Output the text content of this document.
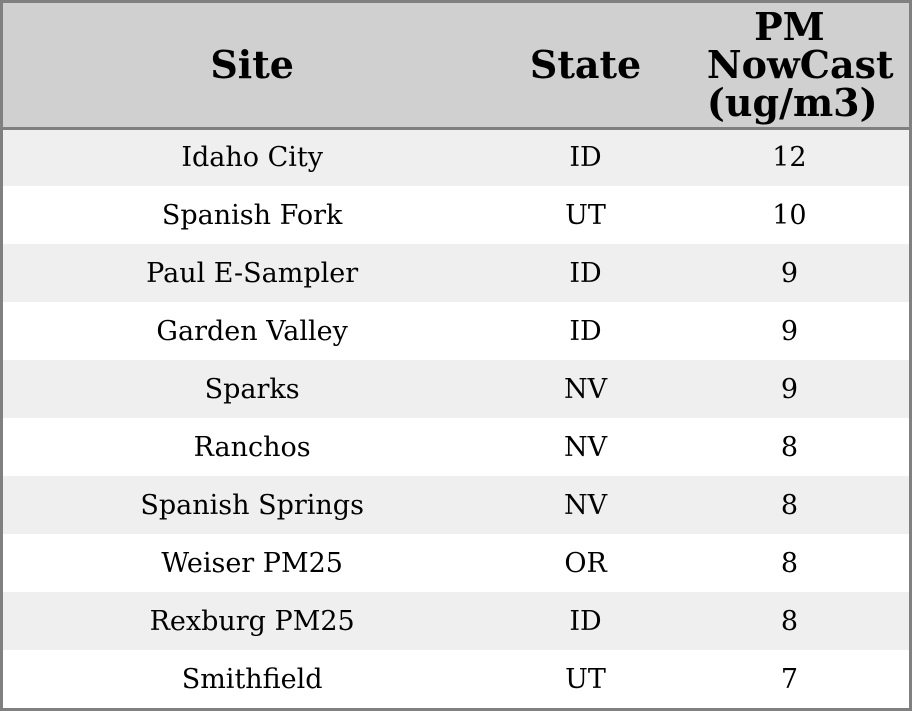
Site	State	PM NowCast (ug/m3)

Idaho City	ID	12
Spanish Fork	UT	10
Paul E-Sampler	ID	9
Garden Valley	ID	9
Sparks	NV	9
Ranchos	NV	8
Spanish Springs	NV	8
Weiser PM25	OR	8
Rexburg PM25	ID	8
Smithfield	UT	7
